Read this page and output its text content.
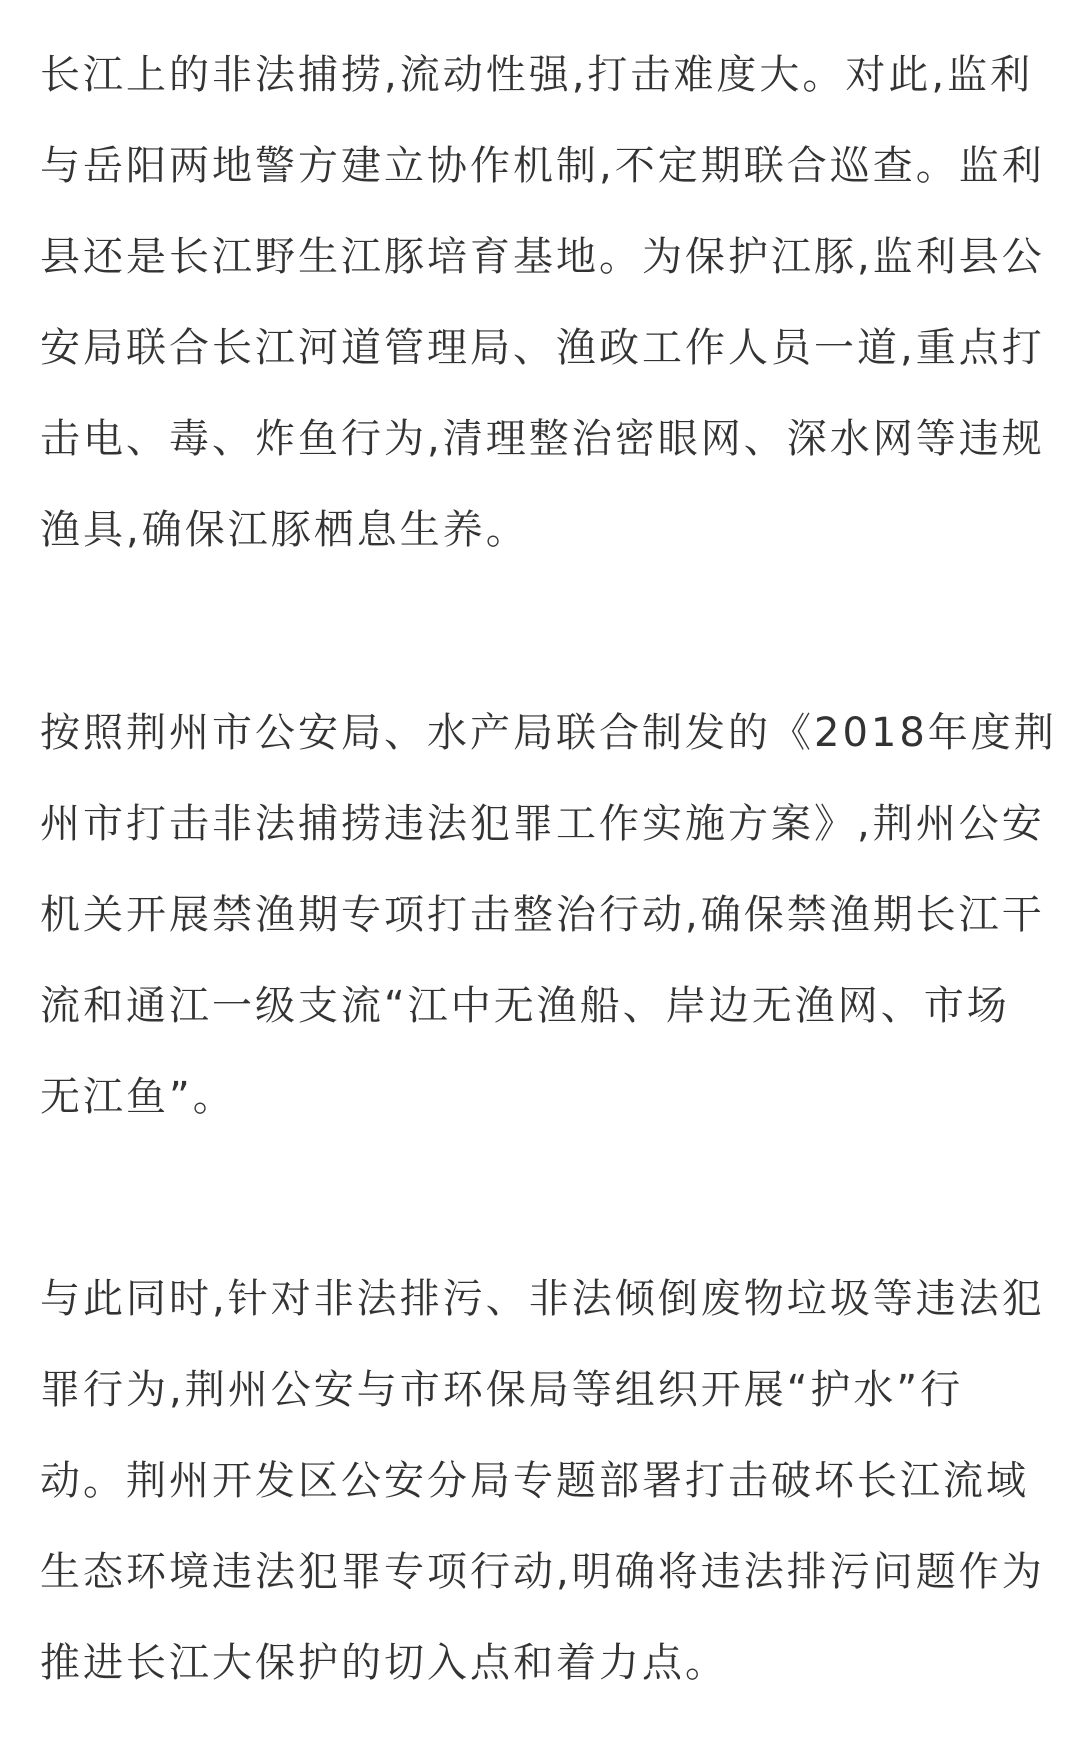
长江上的非法捕捞,流动性强,打击难度大。对此,监利
与岳阳两地警方建立协作机制,不定期联合巡查。监利
县还是长江野生江豚培育基地。为保护江豚,监利县公
安局联合长江河道管理局、渔政工作人员一道,重点打
击电、毒、炸鱼行为,清理整治密眼网、深水网等违规
渔具,确保江豚栖息生养。
按照荆州市公安局、水产局联合制发的《2018年度荆
州市打击非法捕捞违法犯罪工作实施方案》,荆州公安
机关开展禁渔期专项打击整治行动,确保禁渔期长江干
流和通江一级支流“江中无渔船、岸边无渔网、市场
无江鱼”。
与此同时,针对非法排污、非法倾倒废物垃圾等违法犯
罪行为,荆州公安与市环保局等组织开展“护水”行
动。荆州开发区公安分局专题部署打击破坏长江流域
生态环境违法犯罪专项行动,明确将违法排污问题作为
推进长江大保护的切入点和着力点。
